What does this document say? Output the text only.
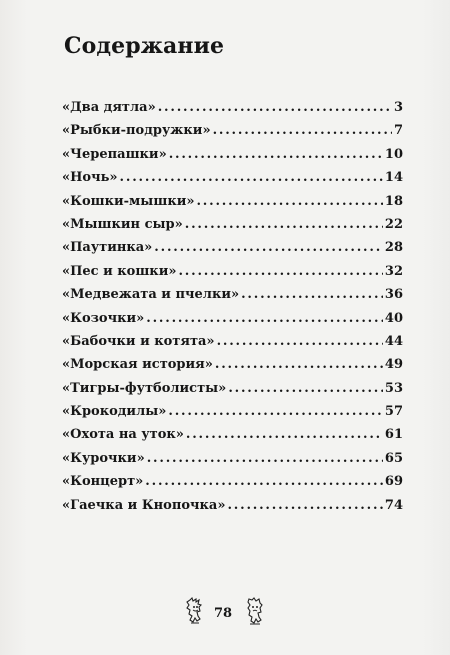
Содержание
«Два дятла» .....	3
«Рыбки-подружки» .....	7
«Черепашки» .....	10
«Ночь» .....	14
«Кошки-мышки» .....	18
«Мышкин сыр» .....	22
«Паутинка» .....	28
«Пес и кошки» .....	32
«Медвежата и пчелки» .....	36
«Козочки» .....	40
«Бабочки и котята» .....	44
«Морская история» .....	49
«Тигры-футболисты» .....	53
«Крокодилы» .....	57
«Охота на уток» .....	61
«Курочки» .....	65
«Концерт» .....	69
«Гаечка и Кнопочка» .....	74
78
